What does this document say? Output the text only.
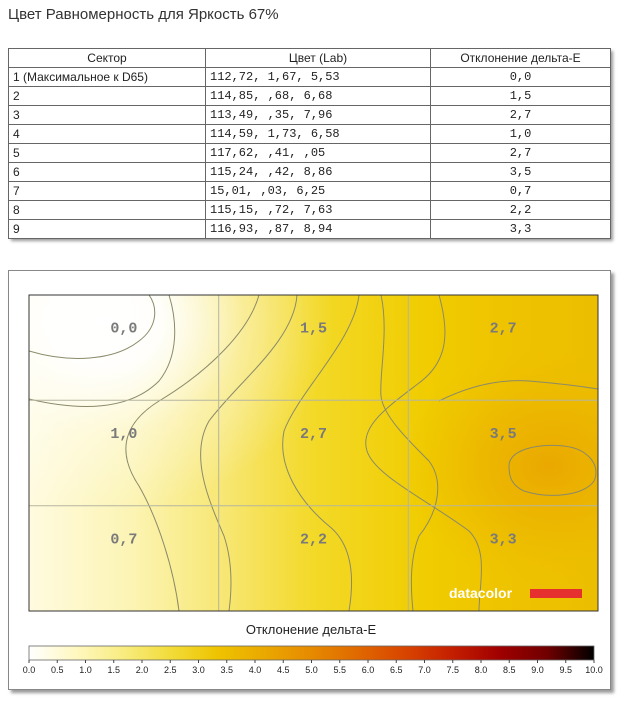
Цвет Равномерность для Яркость 67%
Сектор	Цвет (Lab)	Отклонение дельта-E
1 (Максимальное к D65)	112,72, 1,67, 5,53	0,0
2	114,85, ,68, 6,68	1,5
3	113,49, ,35, 7,96	2,7
4	114,59, 1,73, 6,58	1,0
5	117,62, ,41, ,05	2,7
6	115,24, ,42, 8,86	3,5
7	15,01, ,03, 6,25	0,7
8	115,15, ,72, 7,63	2,2
9	116,93, ,87, 8,94	3,3
0,0	1,5	2,7
1,0	2,7	3,5
0,7	2,2	3,3
datacolor
Отклонение дельта-E
0.0 0.5 1.0 1.5 2.0 2.5 3.0 3.5 4.0 4.5 5.0 5.5 6.0 6.5 7.0 7.5 8.0 8.5 9.0 9.5 10.0
